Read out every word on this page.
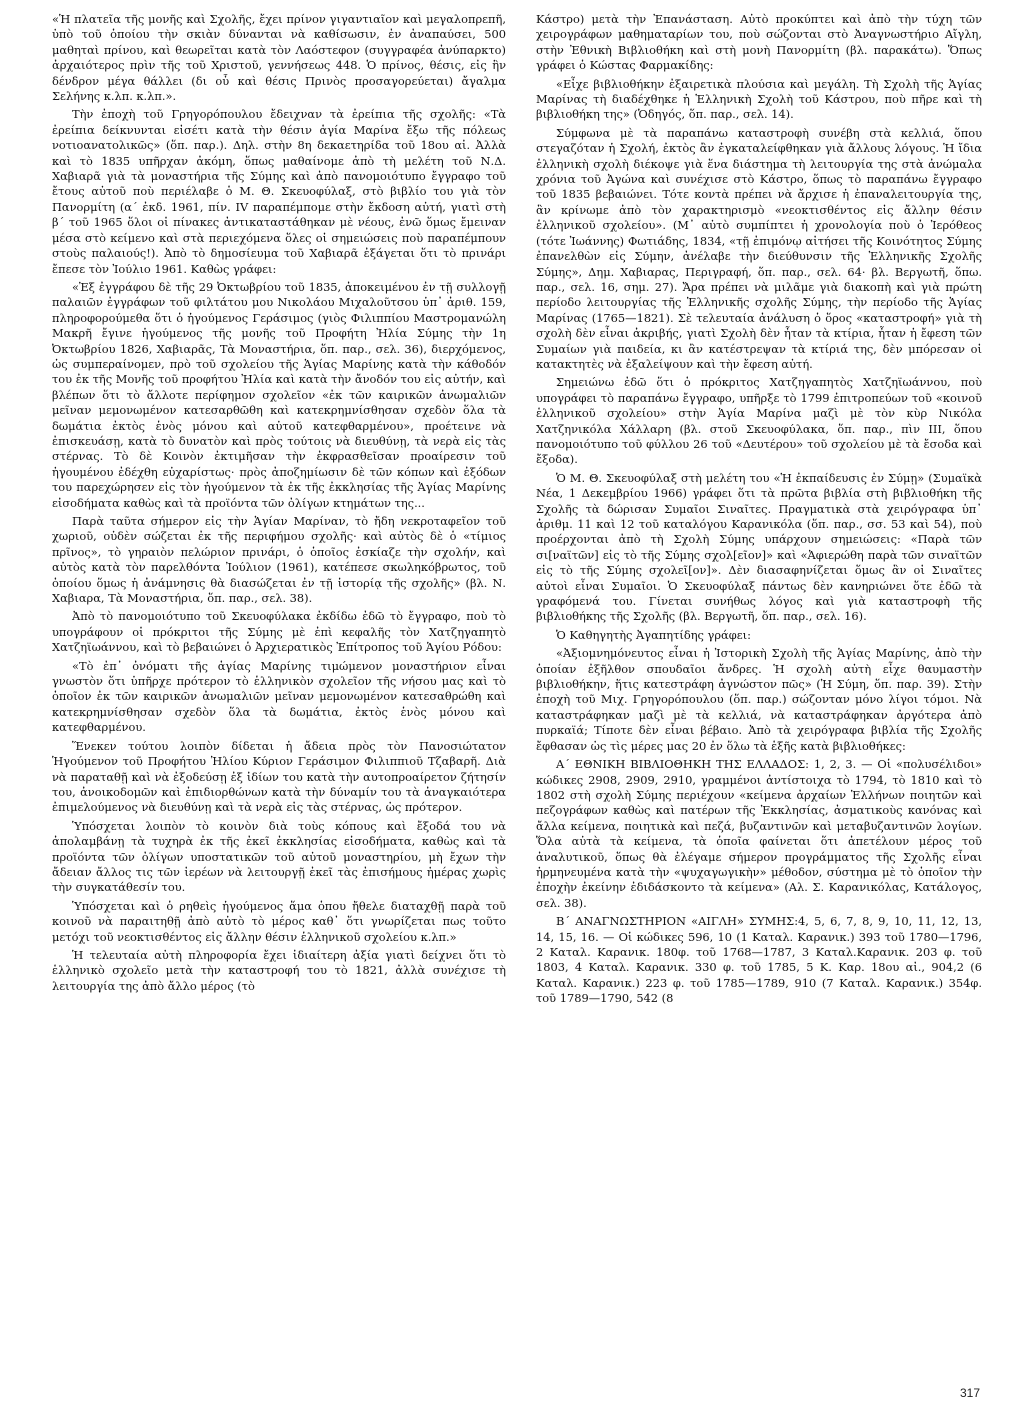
«Ἡ πλατεῖα τῆς μονῆς καὶ Σχολῆς, ἔχει πρίνον γιγαντιαῖον καὶ μεγαλοπρεπῆ, ὑπὸ τοῦ ὁποίου τὴν σκιὰν δύνανται νὰ καθίσωσιν, ἐν ἀναπαύσει, 500 μαθηταὶ πρίνου, καὶ θεωρεῖται κατὰ τὸν Λαόστεφον (συγγραφέα ἀνύπαρκτο) ἀρχαιότερος πρὶν τῆς τοῦ Χριστοῦ, γεννήσεως 448. Ὁ πρίνος, θέσις, εἰς ἣν δένδρον μέγα θάλλει (δι οὗ καὶ θέσις Πρινὸς προσαγορεύεται) ἄγαλμα Σελήνης κ.λπ. κ.λπ.».

Τὴν ἐποχὴ τοῦ Γρηγορόπουλου ἔδειχναν τὰ ἐρείπια τῆς σχολῆς: «Τὰ ἐρείπια δείκνυνται εἰσέτι κατὰ τὴν θέσιν ἁγία Μαρίνα ἔξω τῆς πόλεως νοτιοανατολικῶς» (ὅπ. παρ.). Δηλ. στὴν 8η δεκαετηρίδα τοῦ 18ου αἰ. Ἀλλὰ καὶ τὸ 1835 υπῆρχαν ἀκόμη, ὅπως μαθαίνομε ἀπὸ τὴ μελέτη τοῦ Ν.Δ. Χαβιαρᾶ γιὰ τὰ μοναστήρια τῆς Σύμης καὶ ἀπὸ πανομοιότυπο ἔγγραφο τοῦ ἔτους αὐτοῦ ποὺ περιέλαβε ὁ Μ. Θ. Σκευοφύλαξ, στὸ βιβλίο του γιὰ τὸν Πανορμίτη (α΄ ἐκδ. 1961, πίν. IV παραπέμπομε στὴν ἔκδοση αὐτή, γιατὶ στὴ β΄ τοῦ 1965 ὅλοι οἱ πίνακες ἀντικαταστάθηκαν μὲ νέους, ἐνῶ ὅμως ἔμειναν μέσα στὸ κείμενο καὶ στὰ περιεχόμενα ὅλες οἱ σημειώσεις ποὺ παραπέμπουν στοὺς παλαιούς!). Ἀπὸ τὸ δημοσίευμα τοῦ Χαβιαρᾶ ἐξάγεται ὅτι τὸ πρινάρι ἔπεσε τὸν Ἰούλιο 1961. Καθὼς γράφει:

«Ἐξ ἐγγράφου δὲ τῆς 29 Ὀκτωβρίου τοῦ 1835, ἀποκειμένου ἐν τῇ συλλογῇ παλαιῶν ἐγγράφων τοῦ φιλτάτου μου Νικολάου Μιχαλοῦτσου ὑπ᾿ ἀριθ. 159, πληροφορούμεθα ὅτι ὁ ἡγούμενος Γεράσιμος (γιὸς Φιλιππίου Μαστρομανώλη Μακρῆ ἔγινε ἡγούμενος τῆς μονῆς τοῦ Προφήτη Ἠλία Σύμης τὴν 1η Ὀκτωβρίου 1826, Χαβιαρᾶς, Τὰ Μοναστήρια, ὅπ. παρ., σελ. 36), διερχόμενος, ὡς συμπεραίνομεν, πρὸ τοῦ σχολείου τῆς Ἁγίας Μαρίνης κατὰ τὴν κάθοδόν του ἐκ τῆς Μονῆς τοῦ προφήτου Ἠλία καὶ κατὰ τὴν ἄνοδόν του εἰς αὐτήν, καὶ βλέπων ὅτι τὸ ἄλλοτε περίφημον σχολεῖον «ἐκ τῶν καιρικῶν ἀνωμαλιῶν μεῖναν μεμονωμένον κατεσαρθῶθη καὶ κατεκρημνίσθησαν σχεδὸν ὅλα τὰ δωμάτια ἐκτὸς ἑνὸς μόνου καὶ αὐτοῦ κατεφθαρμένου», προέτεινε νὰ ἐπισκευάσῃ, κατὰ τὸ δυνατὸν καὶ πρὸς τούτοις νὰ διευθύνῃ, τὰ νερὰ εἰς τὰς στέρνας. Τὸ δὲ Κοινὸν ἐκτιμῆσαν τὴν ἐκφρασθεῖσαν προαίρεσιν τοῦ ἡγουμένου ἐδέχθη εὐχαρίστως· πρὸς ἀποζημίωσιν δὲ τῶν κόπων καὶ ἐξόδων του παρεχώρησεν εἰς τὸν ἡγούμενον τὰ ἐκ τῆς ἐκκλησίας τῆς Ἁγίας Μαρίνης εἰσοδήματα καθὼς καὶ τὰ προϊόντα τῶν ὀλίγων κτημάτων της...

Παρὰ ταῦτα σήμερον εἰς τὴν Ἁγίαν Μαρίναν, τὸ ἤδη νεκροταφεῖον τοῦ χωριοῦ, οὐδὲν σώζεται ἐκ τῆς περιφήμου σχολῆς· καὶ αὐτὸς δὲ ὁ «τίμιος πρῖνος», τὸ γηραιὸν πελώριον πρινάρι, ὁ ὁποῖος ἐσκίαζε τὴν σχολήν, καὶ αὐτὸς κατὰ τὸν παρελθόντα Ἰούλιον (1961), κατέπεσε σκωληκόβρωτος, τοῦ ὁποίου ὅμως ἡ ἀνάμνησις θὰ διασώζεται ἐν τῇ ἱστορίᾳ τῆς σχολῆς» (βλ. Ν. Χαβιαρα, Τὰ Μοναστήρια, ὅπ. παρ., σελ. 38).

Ἀπὸ τὸ πανομοιότυπο τοῦ Σκευοφύλακα ἐκδίδω ἐδῶ τὸ ἔγγραφο, ποὺ τὸ υπογράφουν οἱ πρόκριτοι τῆς Σύμης μὲ ἐπὶ κεφαλῆς τὸν Χατζηγαπητὸ Χατζηϊωάννου, καὶ τὸ βεβαιώνει ὁ Ἀρχιερατικὸς Ἐπίτροπος τοῦ Ἁγίου Ρόδου:

«Τὸ ἐπ᾿ ὀνόματι τῆς ἁγίας Μαρίνης τιμώμενον μοναστήριον εἶναι γνωστὸν ὅτι ὑπῆρχε πρότερον τὸ ἑλληνικὸν σχολεῖον τῆς νήσου μας καὶ τὸ ὁποῖον ἐκ τῶν καιρικῶν ἀνωμαλιῶν μεῖναν μεμονωμένον κατεσαθρώθη καὶ κατεκρημνίσθησαν σχεδὸν ὅλα τὰ δωμάτια, ἐκτὸς ἑνὸς μόνου καὶ κατεφθαρμένου.

Ἕνεκεν τούτου λοιπὸν δίδεται ἡ ἄδεια πρὸς τὸν Πανοσιώτατον Ἡγούμενον τοῦ Προφήτου Ἠλίου Κύριον Γεράσιμον Φιλιππιοῦ Τζαβαρῆ. Διὰ νὰ παραταθῇ καὶ νὰ ἐξοδεύσῃ ἐξ ἰδίων του κατὰ τὴν αυτοπροαίρετον ζήτησίν του, ἀνοικοδομῶν καὶ ἐπιδιορθώνων κατὰ τὴν δύναμίν του τὰ ἀναγκαιότερα ἐπιμελούμενος νὰ διευθύνῃ καὶ τὰ νερὰ εἰς τὰς στέρνας, ὡς πρότερον.

Ὑπόσχεται λοιπὸν τὸ κοινὸν διὰ τοὺς κόπους καὶ ἔξοδά του νὰ ἀπολαμβάνῃ τὰ τυχηρὰ ἐκ τῆς ἐκεῖ ἐκκλησίας εἰσοδήματα, καθὼς καὶ τὰ προϊόντα τῶν ὀλίγων υποστατικῶν τοῦ αὐτοῦ μοναστηρίου, μὴ ἔχων τὴν ἄδειαν ἄλλος τις τῶν ἱερέων νὰ λειτουργῇ ἐκεῖ τὰς ἐπισήμους ἡμέρας χωρὶς τὴν συγκατάθεσίν του.

Ὑπόσχεται καὶ ὁ ρηθεὶς ἡγούμενος ἅμα ὁπου ἤθελε διαταχθῇ παρὰ τοῦ κοινοῦ νὰ παραιτηθῇ ἀπὸ αὐτὸ τὸ μέρος καθ᾿ ὅτι γνωρίζεται πως τοῦτο μετόχι τοῦ νεοκτισθέντος εἰς ἄλλην θέσιν ἑλληνικοῦ σχολείου κ.λπ.»

Ἡ τελευταία αὐτὴ πληροφορία ἔχει ἰδιαίτερη ἀξία γιατὶ δείχνει ὅτι τὸ ἑλληνικὸ σχολεῖο μετὰ τὴν καταστροφή του τὸ 1821, ἀλλὰ συνέχισε τὴ λειτουργία της ἀπὸ ἄλλο μέρος (τὸ

Κάστρο) μετὰ τὴν Ἐπανάσταση. Αὐτὸ προκύπτει καὶ ἀπὸ τὴν τύχη τῶν χειρογράφων μαθηματαρίων του, ποὺ σώζονται στὸ Ἀναγνωστήριο Αἴγλη, στὴν Ἐθνικὴ Βιβλιοθήκη καὶ στὴ μονὴ Πανορμίτη (βλ. παρακάτω). Ὅπως γράφει ὁ Κώστας Φαρμακίδης:

«Εἶχε βιβλιοθήκην ἐξαιρετικὰ πλούσια καὶ μεγάλη. Τὴ Σχολὴ τῆς Ἁγίας Μαρίνας τὴ διαδέχθηκε ἡ Ἑλληνικὴ Σχολὴ τοῦ Κάστρου, ποὺ πῆρε καὶ τὴ βιβλιοθήκη της» (Ὁδηγός, ὅπ. παρ., σελ. 14).

Σύμφωνα μὲ τὰ παραπάνω καταστροφὴ συνέβη στὰ κελλιά, ὅπου στεγαζόταν ἡ Σχολή, ἐκτὸς ἂν ἐγκαταλείφθηκαν γιὰ ἄλλους λόγους. Ἡ ἴδια ἑλληνικὴ σχολὴ διέκοψε γιὰ ἕνα διάστημα τὴ λειτουργία της στὰ ἀνώμαλα χρόνια τοῦ Ἀγώνα καὶ συνέχισε στὸ Κάστρο, ὅπως τὸ παραπάνω ἔγγραφο τοῦ 1835 βεβαιώνει. Τότε κοντὰ πρέπει νὰ ἄρχισε ἡ ἐπαναλειτουργία της, ἂν κρίνωμε ἀπὸ τὸν χαρακτηρισμὸ «νεοκτισθέντος εἰς ἄλλην θέσιν ἑλληνικοῦ σχολείου». (Μ᾿ αὐτὸ συμπίπτει ἡ χρονολογία ποὺ ὁ Ἱερόθεος (τότε Ἰωάννης) Φωτιάδης, 1834, «τῇ ἐπιμόνῳ αἰτήσει τῆς Κοινότητος Σύμης ἐπανελθὼν εἰς Σύμην, ἀνέλαβε τὴν διεύθυνσιν τῆς Ἑλληνικῆς Σχολῆς Σύμης», Δημ. Χαβιαρας, Περιγραφή, ὅπ. παρ., σελ. 64· βλ. Βεργωτῆ, ὅπω. παρ., σελ. 16, σημ. 27). Ἄρα πρέπει νὰ μιλᾶμε γιὰ διακοπὴ καὶ γιὰ πρώτη περίοδο λειτουργίας τῆς Ἑλληνικῆς σχολῆς Σύμης, τὴν περίοδο τῆς Ἁγίας Μαρίνας (1765—1821). Σὲ τελευταία ἀνάλυση ὁ ὅρος «καταστροφή» γιὰ τὴ σχολὴ δὲν εἶναι ἀκριβής, γιατὶ Σχολὴ δὲν ἦταν τὰ κτίρια, ἦταν ἡ ἔφεση τῶν Συμαίων γιὰ παιδεία, κι ἂν κατέστρεψαν τὰ κτίριά της, δὲν μπόρεσαν οἱ κατακτητὲς νὰ ἐξαλείψουν καὶ τὴν ἔφεση αὐτή.

Σημειώνω ἐδῶ ὅτι ὁ πρόκριτος Χατζηγαπητὸς Χατζηϊωάννου, ποὺ υπογράφει τὸ παραπάνω ἔγγραφο, υπῆρξε τὸ 1799 ἐπιτροπεύων τοῦ «κοινοῦ ἑλληνικοῦ σχολείου» στὴν Ἁγία Μαρίνα μαζὶ μὲ τὸν κὺρ Νικόλα Χατζηνικόλα Χάλλαρη (βλ. στοῦ Σκευοφύλακα, ὅπ. παρ., πὶν III, ὅπου πανομοιότυπο τοῦ φύλλου 26 τοῦ «Δευτέρου» τοῦ σχολείου μὲ τὰ ἔσοδα καὶ ἔξοδα).

Ὁ Μ. Θ. Σκευοφύλαξ στὴ μελέτη του «Ἡ ἐκπαίδευσις ἐν Σύμῃ» (Συμαϊκὰ Νέα, 1 Δεκεμβρίου 1966) γράφει ὅτι τὰ πρῶτα βιβλία στὴ βιβλιοθήκη τῆς Σχολῆς τὰ δώρισαν Συμαῖοι Σιναῖτες. Πραγματικὰ στὰ χειρόγραφα ὑπ᾿ ἀριθμ. 11 καὶ 12 τοῦ καταλόγου Καρανικόλα (ὅπ. παρ., σσ. 53 καὶ 54), ποὺ προέρχονται ἀπὸ τὴ Σχολὴ Σύμης υπάρχουν σημειώσεις: «Παρὰ τῶν σι[ναϊτῶν] εἰς τὸ τῆς Σύμης σχολ[εῖον]» καὶ «Ἀφιερώθη παρὰ τῶν σιναϊτῶν εἰς τὸ τῆς Σύμης σχολεῖ[ον]». Δὲν διασαφηνίζεται ὅμως ἂν οἱ Σιναῖτες αὐτοὶ εἶναι Συμαῖοι. Ὁ Σκευοφύλαξ πάντως δὲν κανηριώνει ὅτε ἐδῶ τὰ γραφόμενά του. Γίνεται συνήθως λόγος καὶ γιὰ καταστροφὴ τῆς βιβλιοθήκης τῆς Σχολῆς (βλ. Βεργωτῆ, ὅπ. παρ., σελ. 16).

Ὁ Καθηγητὴς Ἀγαπητίδης γράφει:

«Ἀξιομνημόνευτος εἶναι ἡ Ἱστορικὴ Σχολὴ τῆς Ἁγίας Μαρίνης, ἀπὸ τὴν ὁποίαν ἐξῆλθον σπουδαῖοι ἄνδρες. Ἡ σχολὴ αὐτὴ εἶχε θαυμαστὴν βιβλιοθήκην, ἥτις κατεστράφη ἀγνώστον πῶς» (Ἡ Σύμη, ὅπ. παρ. 39). Στὴν ἐποχὴ τοῦ Μιχ. Γρηγορόπουλου (ὅπ. παρ.) σώζονταν μόνο λίγοι τόμοι. Νὰ καταστράφηκαν μαζὶ μὲ τὰ κελλιά, νὰ καταστράφηκαν ἀργότερα ἀπὸ πυρκαϊά; Τίποτε δὲν εἶναι βέβαιο. Ἀπὸ τὰ χειρόγραφα βιβλία τῆς Σχολῆς ἔφθασαν ὡς τὶς μέρες μας 20 ἐν ὅλω τὰ ἑξῆς κατὰ βιβλιοθήκες:

Α΄ ΕΘΝΙΚΗ ΒΙΒΛΙΟΘΗΚΗ ΤΗΣ ΕΛΛΑΔΟΣ: 1, 2, 3. — Οἱ «πολυσέλιδοι» κώδικες 2908, 2909, 2910, γραμμένοι ἀντίστοιχα τὸ 1794, τὸ 1810 καὶ τὸ 1802 στὴ σχολὴ Σύμης περιέχουν «κείμενα ἀρχαίων Ἑλλήνων ποιητῶν καὶ πεζογράφων καθὼς καὶ πατέρων τῆς Ἐκκλησίας, ἀσματικοὺς κανόνας καὶ ἄλλα κείμενα, ποιητικὰ καὶ πεζά, βυζαντινῶν καὶ μεταβυζαντινῶν λογίων. Ὅλα αὐτὰ τὰ κείμενα, τὰ ὁποῖα φαίνεται ὅτι ἀπετέλουν μέρος τοῦ ἀναλυτικοῦ, ὅπως θὰ ἐλέγαμε σήμερον προγράμματος τῆς Σχολῆς εἶναι ἡρμηνευμένα κατὰ τὴν «ψυχαγωγικὴν» μέθοδον, σύστημα μὲ τὸ ὁποῖον τὴν ἐποχὴν ἐκείνην ἐδιδάσκοντο τὰ κείμενα» (Αλ. Σ. Καρανικόλας, Κατάλογος, σελ. 38).

Β΄ ΑΝΑΓΝΩΣΤΗΡΙΟΝ «ΑΙΓΛΗ» ΣΥΜΗΣ:4, 5, 6, 7, 8, 9, 10, 11, 12, 13, 14, 15, 16. — Οἱ κώδικες 596, 10 (1 Καταλ. Καρανικ.) 393 τοῦ 1780—1796, 2 Καταλ. Καρανικ. 180φ. τοῦ 1768—1787, 3 Καταλ.Καρανικ. 203 φ. τοῦ 1803, 4 Καταλ. Καρανικ. 330 φ. τοῦ 1785, 5 Κ. Καρ. 18ου αἰ., 904,2 (6 Καταλ. Καρανικ.) 223 φ. τοῦ 1785—1789, 910 (7 Καταλ. Καρανικ.) 354φ. τοῦ 1789—1790, 542 (8

317
